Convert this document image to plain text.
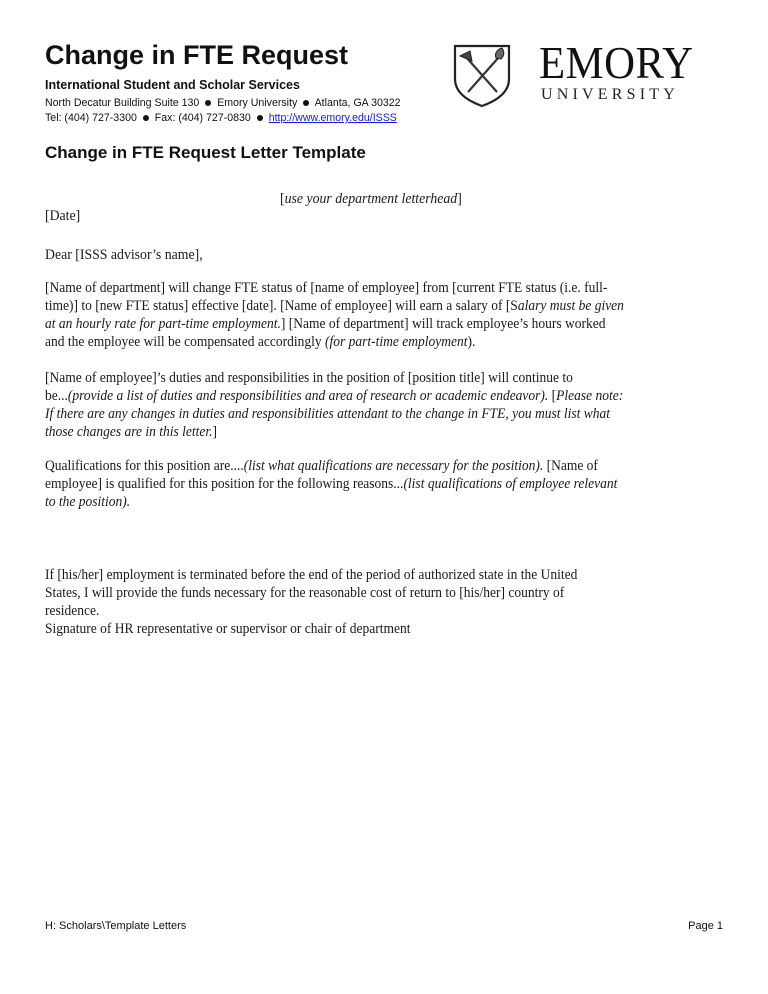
Change in FTE Request
International Student and Scholar Services
North Decatur Building Suite 130 Emory University Atlanta, GA 30322
Tel: (404) 727-3300 Fax: (404) 727-0830 http://www.emory.edu/ISSS
EMORY
UNIVERSITY
Change in FTE Request Letter Template
[use your department letterhead]
[Date]
Dear [ISSS advisor’s name],
[Name of department] will change FTE status of [name of employee] from [current FTE status (i.e. full-
time)] to [new FTE status] effective [date]. [Name of employee] will earn a salary of [Salary must be given
at an hourly rate for part-time employment.] [Name of department] will track employee’s hours worked
and the employee will be compensated accordingly (for part-time employment).
[Name of employee]’s duties and responsibilities in the position of [position title] will continue to
be...(provide a list of duties and responsibilities and area of research or academic endeavor). [Please note:
If there are any changes in duties and responsibilities attendant to the change in FTE, you must list what
those changes are in this letter.]
Qualifications for this position are....(list what qualifications are necessary for the position). [Name of
employee] is qualified for this position for the following reasons...(list qualifications of employee relevant
to the position).
If [his/her] employment is terminated before the end of the period of authorized state in the United
States, I will provide the funds necessary for the reasonable cost of return to [his/her] country of
residence.
Signature of HR representative or supervisor or chair of department
H: Scholars\Template Letters	Page 1
